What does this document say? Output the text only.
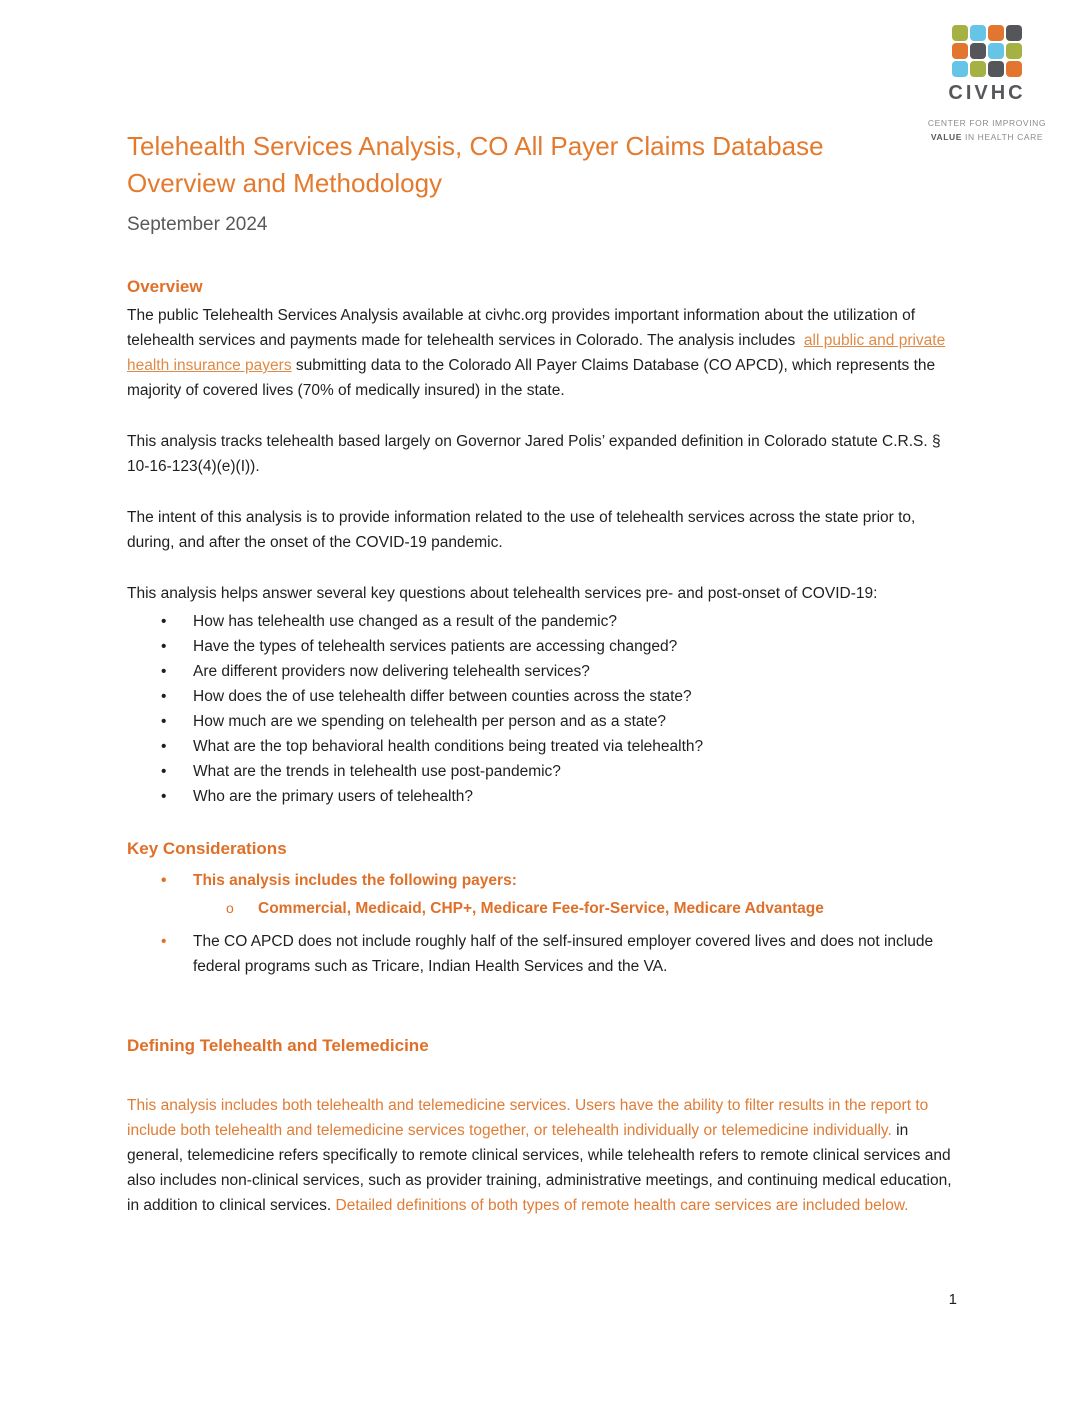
CIVHC
CENTER FOR IMPROVING
VALUE IN HEALTH CARE
Telehealth Services Analysis, CO All Payer Claims Database
Overview and Methodology
September 2024
Overview

The public Telehealth Services Analysis available at civhc.org provides important information about the utilization of telehealth services and payments made for telehealth services in Colorado. The analysis includes  all public and private health insurance payers submitting data to the Colorado All Payer Claims Database (CO APCD), which represents the majority of covered lives (70% of medically insured) in the state.

This analysis tracks telehealth based largely on Governor Jared Polis’ expanded definition in Colorado statute C.R.S. § 10-16-123(4)(e)(I)).

The intent of this analysis is to provide information related to the use of telehealth services across the state prior to, during, and after the onset of the COVID-19 pandemic.

This analysis helps answer several key questions about telehealth services pre- and post-onset of COVID-19:

• How has telehealth use changed as a result of the pandemic?
• Have the types of telehealth services patients are accessing changed?
• Are different providers now delivering telehealth services?
• How does the of use telehealth differ between counties across the state?
• How much are we spending on telehealth per person and as a state?
• What are the top behavioral health conditions being treated via telehealth?
• What are the trends in telehealth use post-pandemic?
• Who are the primary users of telehealth?
Key Considerations
• This analysis includes the following payers:
o Commercial, Medicaid, CHP+, Medicare Fee-for-Service, Medicare Advantage
• The CO APCD does not include roughly half of the self-insured employer covered lives and does not include federal programs such as Tricare, Indian Health Services and the VA.
Defining Telehealth and Telemedicine

This analysis includes both telehealth and telemedicine services. Users have the ability to filter results in the report to include both telehealth and telemedicine services together, or telehealth individually or telemedicine individually. in general, telemedicine refers specifically to remote clinical services, while telehealth refers to remote clinical services and also includes non-clinical services, such as provider training, administrative meetings, and continuing medical education, in addition to clinical services. Detailed definitions of both types of remote health care services are included below.

1
